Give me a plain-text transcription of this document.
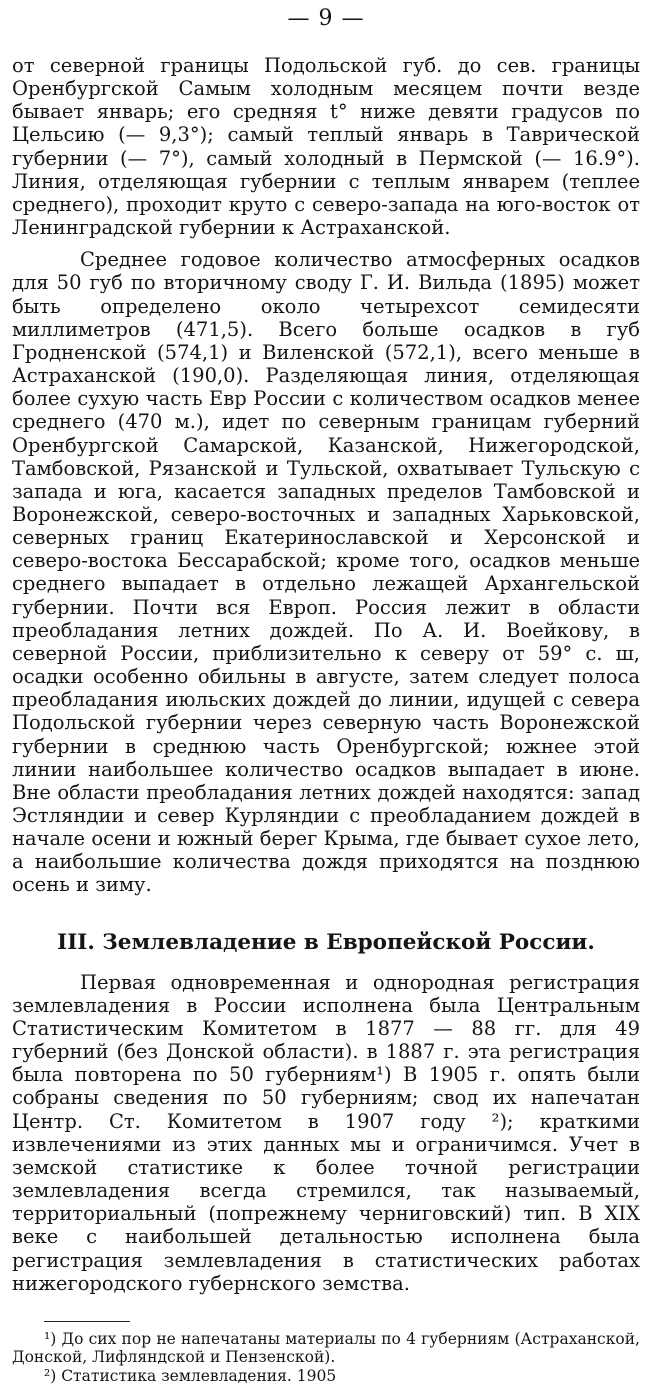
— 9 —

от северной границы Подольской губ. до сев. границы Оренбургской Самым холодным месяцем почти везде бывает январь; его средняя t° ниже девяти градусов по Цельсию (— 9,3°); самый теплый январь в Таврической губернии (— 7°), самый холодный в Пермской (— 16.9°). Линия, отделяющая губернии с теплым январем (теплее среднего), проходит круто с северо-запада на юго-восток от Ленинградской губернии к Астраханской.

Среднее годовое количество атмосферных осадков для 50 губ по вторичному своду Г. И. Вильда (1895) может быть определено около четырехсот семидесяти миллиметров (471,5). Всего больше осадков в губ Гродненской (574,1) и Виленской (572,1), всего меньше в Астраханской (190,0). Разделяющая линия, отделяющая более сухую часть Евр России с количеством осадков менее среднего (470 м.), идет по северным границам губерний Оренбургской Самарской, Казанской, Нижегородской, Тамбовской, Рязанской и Тульской, охватывает Тульскую с запада и юга, касается западных пределов Тамбовской и Воронежской, северо-восточных и западных Харьковской, северных границ Екатеринославской и Херсонской и северо-востока Бессарабской; кроме того, осадков меньше среднего выпадает в отдельно лежащей Архангельской губернии. Почти вся Европ. Россия лежит в области преобладания летних дождей. По А. И. Воейкову, в северной России, приблизительно к северу от 59° с. ш, осадки особенно обильны в августе, затем следует полоса преобладания июльских дождей до линии, идущей с севера Подольской губернии через северную часть Воронежской губернии в среднюю часть Оренбургской; южнее этой линии наибольшее количество осадков выпадает в июне. Вне области преобладания летних дождей находятся: запад Эстляндии и север Курляндии с преобладанием дождей в начале осени и южный берег Крыма, где бывает сухое лето, а наибольшие количества дождя приходятся на позднюю осень и зиму.

III. Землевладение в Европейской России.

Первая одновременная и однородная регистрация землевладения в России исполнена была Центральным Статистическим Комитетом в 1877 — 88 гг. для 49 губерний (без Донской области). в 1887 г. эта регистрация была повторена по 50 губерниям¹) В 1905 г. опять были собраны сведения по 50 губерниям; свод их напечатан Центр. Ст. Комитетом в 1907 году ²); краткими извлечениями из этих данных мы и ограничимся. Учет в земской статистике к более точной регистрации землевладения всегда стремился, так называемый, территориальный (попрежнему черниговский) тип. В XIX веке с наибольшей детальностью исполнена была регистрация землевладения в статистических работах нижегородского губернского земства.

¹) До сих пор не напечатаны материалы по 4 губерниям (Астраханской, Донской, Лифляндской и Пензенской).

²) Статистика землевладения. 1905
